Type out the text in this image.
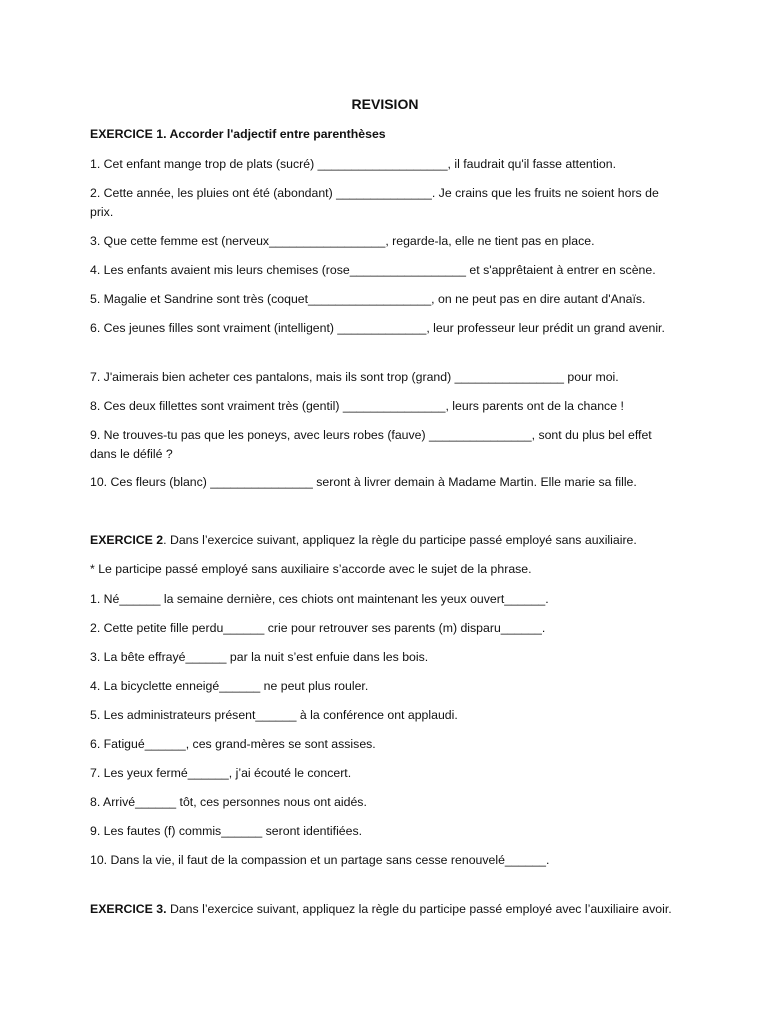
REVISION
EXERCICE 1. Accorder l'adjectif entre parenthèses
1. Cet enfant mange trop de plats (sucré) ___________________, il faudrait qu'il fasse attention.
2. Cette année, les pluies ont été (abondant) ______________. Je crains que les fruits ne soient hors de prix.
3. Que cette femme est (nerveux_________________, regarde-la, elle ne tient pas en place.
4. Les enfants avaient mis leurs chemises (rose_________________ et s'apprêtaient à entrer en scène.
5. Magalie et Sandrine sont très (coquet__________________, on ne peut pas en dire autant d'Anaïs.
6. Ces jeunes filles sont vraiment (intelligent) _____________, leur professeur leur prédit un grand avenir.
7. J'aimerais bien acheter ces pantalons, mais ils sont trop (grand) ________________ pour moi.
8. Ces deux fillettes sont vraiment très (gentil) _______________, leurs parents ont de la chance !
9. Ne trouves-tu pas que les poneys, avec leurs robes (fauve) _______________, sont du plus bel effet dans le défilé ?
10. Ces fleurs (blanc) _______________ seront à livrer demain à Madame Martin. Elle marie sa fille.
EXERCICE 2. Dans l’exercice suivant, appliquez la règle du participe passé employé sans auxiliaire.
* Le participe passé employé sans auxiliaire s’accorde avec le sujet de la phrase.
1. Né______ la semaine dernière, ces chiots ont maintenant les yeux ouvert______.
2. Cette petite fille perdu______ crie pour retrouver ses parents (m) disparu______.
3. La bête effrayé______ par la nuit s’est enfuie dans les bois.
4. La bicyclette enneigé______ ne peut plus rouler.
5. Les administrateurs présent______ à la conférence ont applaudi.
6. Fatigué______, ces grand-mères se sont assises.
7. Les yeux fermé______, j’ai écouté le concert.
8. Arrivé______ tôt, ces personnes nous ont aidés.
9. Les fautes (f) commis______ seront identifiées.
10. Dans la vie, il faut de la compassion et un partage sans cesse renouvelé______.
EXERCICE 3. Dans l’exercice suivant, appliquez la règle du participe passé employé avec l’auxiliaire avoir.
